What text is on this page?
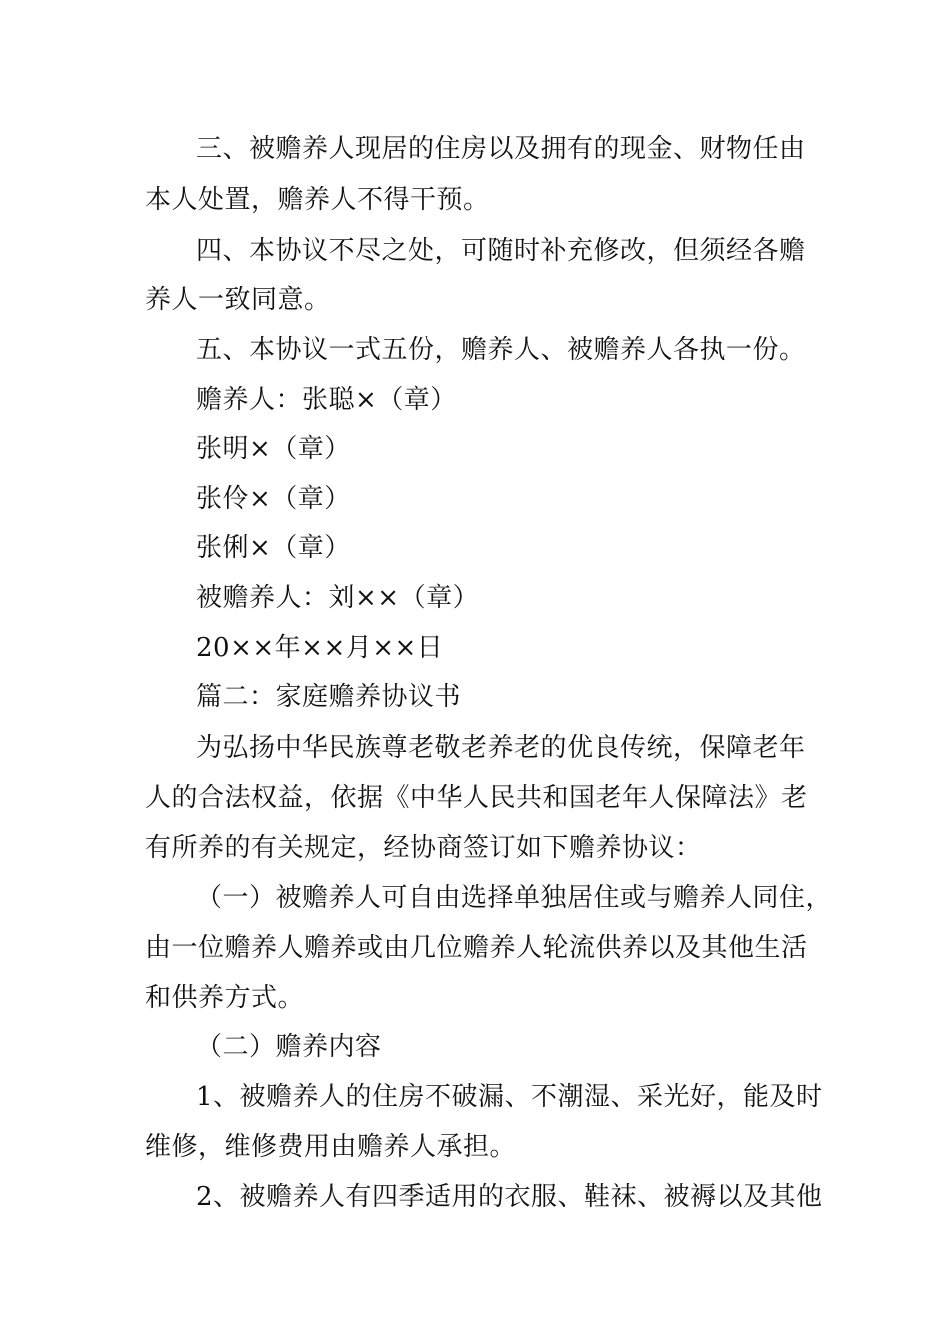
三、被赡养人现居的住房以及拥有的现金、财物任由

本人处置，赡养人不得干预。

四、本协议不尽之处，可随时补充修改，但须经各赡

养人一致同意。

五、本协议一式五份，赡养人、被赡养人各执一份。

赡养人：张聪×（章）

张明×（章）

张伶×（章）

张俐×（章）

被赡养人：刘××（章）

20××年××月××日

篇二：家庭赡养协议书

为弘扬中华民族尊老敬老养老的优良传统，保障老年

人的合法权益，依据《中华人民共和国老年人保障法》老

有所养的有关规定，经协商签订如下赡养协议：

（一）被赡养人可自由选择单独居住或与赡养人同住，

由一位赡养人赡养或由几位赡养人轮流供养以及其他生活

和供养方式。

（二）赡养内容

1、被赡养人的住房不破漏、不潮湿、采光好，能及时

维修，维修费用由赡养人承担。

2、被赡养人有四季适用的衣服、鞋袜、被褥以及其他
